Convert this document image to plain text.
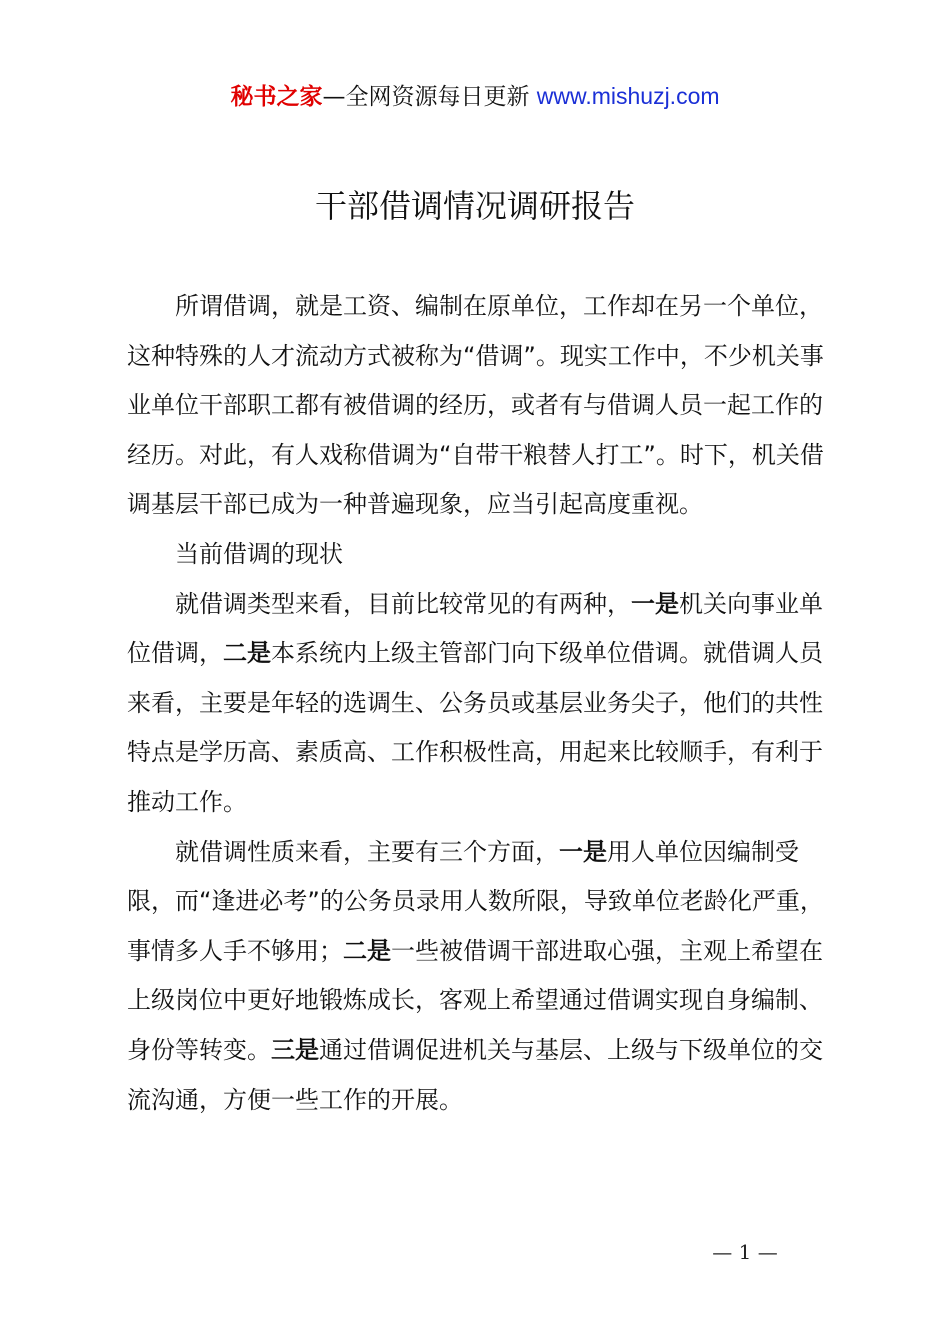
秘书之家—全网资源每日更新 www.mishuzj.com
干部借调情况调研报告

所谓借调，就是工资、编制在原单位，工作却在另一个单位，这种特殊的人才流动方式被称为“借调”。现实工作中，不少机关事业单位干部职工都有被借调的经历，或者有与借调人员一起工作的经历。对此，有人戏称借调为“自带干粮替人打工”。时下，机关借调基层干部已成为一种普遍现象，应当引起高度重视。

当前借调的现状

就借调类型来看，目前比较常见的有两种，一是机关向事业单位借调，二是本系统内上级主管部门向下级单位借调。就借调人员来看，主要是年轻的选调生、公务员或基层业务尖子，他们的共性特点是学历高、素质高、工作积极性高，用起来比较顺手，有利于推动工作。

就借调性质来看，主要有三个方面，一是用人单位因编制受限，而“逢进必考”的公务员录用人数所限，导致单位老龄化严重，事情多人手不够用；二是一些被借调干部进取心强，主观上希望在上级岗位中更好地锻炼成长，客观上希望通过借调实现自身编制、身份等转变。三是通过借调促进机关与基层、上级与下级单位的交流沟通，方便一些工作的开展。

— 1 —
